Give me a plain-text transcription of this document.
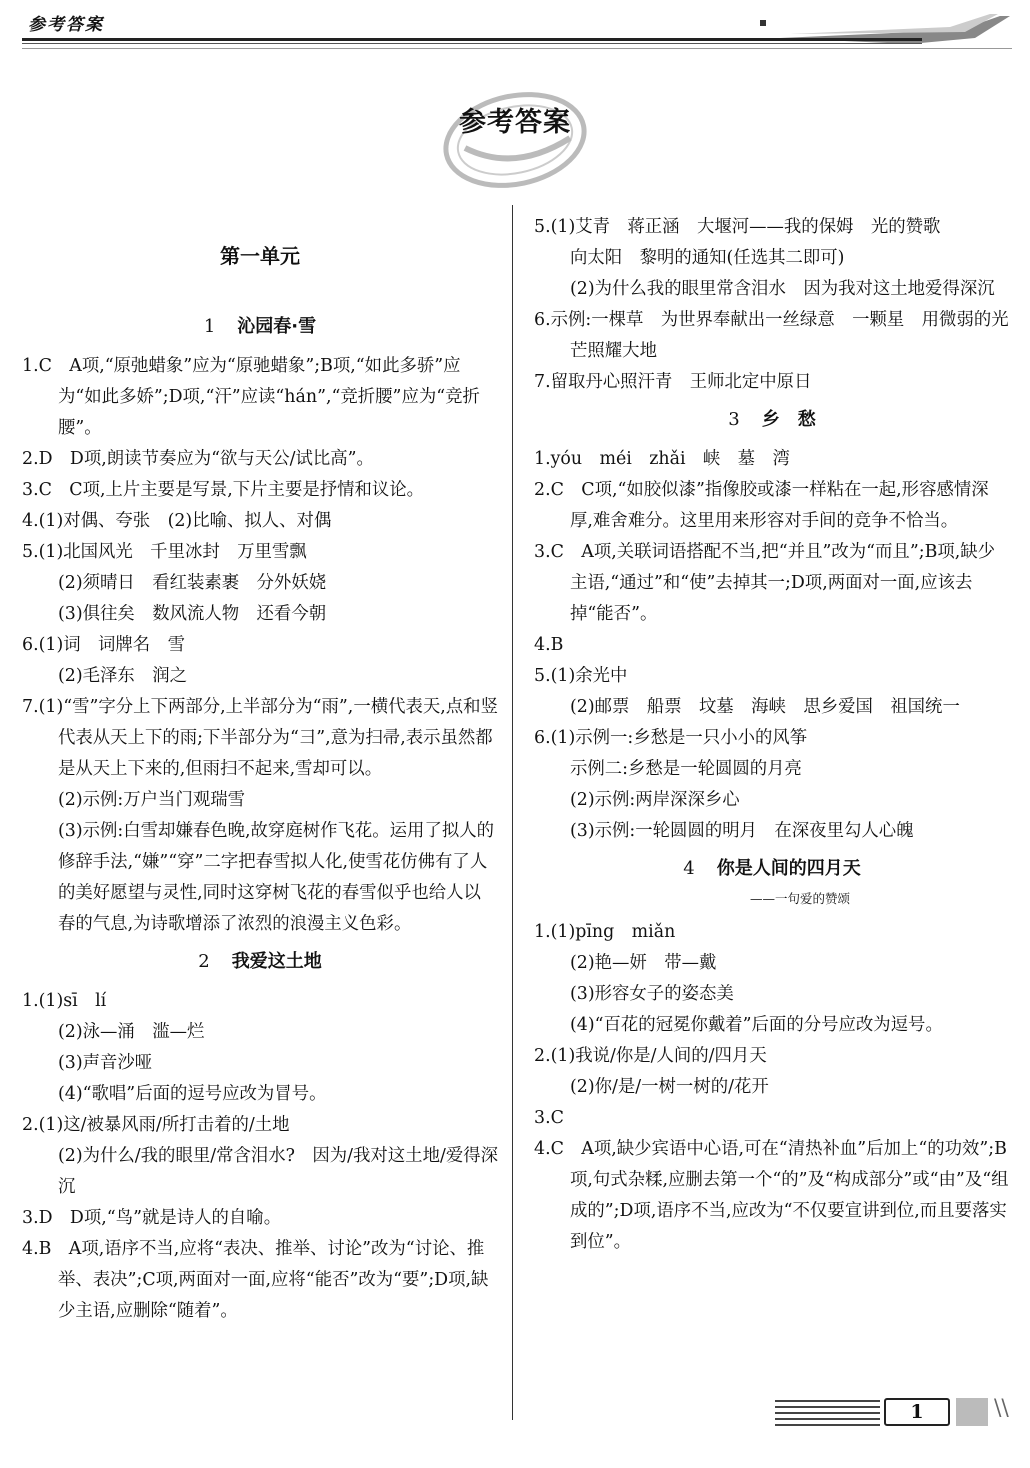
参考答案
参考答案
第一单元
1 沁园春·雪
1.C　A项,“原弛蜡象”应为“原驰蜡象”;B项,“如此多骄”应为“如此多娇”;D项,“汗”应读“hán”,“竞折腰”应为“竞折腰”。
2.D　D项,朗读节奏应为“欲与天公/试比高”。
3.C　C项,上片主要是写景,下片主要是抒情和议论。
4.(1)对偶、夸张　(2)比喻、拟人、对偶
5.(1)北国风光　千里冰封　万里雪飘
(2)须晴日　看红装素裹　分外妖娆
(3)俱往矣　数风流人物　还看今朝
6.(1)词　词牌名　雪
(2)毛泽东　润之
7.(1)“雪”字分上下两部分,上半部分为“雨”,一横代表天,点和竖代表从天上下的雨;下半部分为“彐”,意为扫帚,表示虽然都是从天上下来的,但雨扫不起来,雪却可以。
(2)示例:万户当门观瑞雪
(3)示例:白雪却嫌春色晚,故穿庭树作飞花。运用了拟人的修辞手法,“嫌”“穿”二字把春雪拟人化,使雪花仿佛有了人的美好愿望与灵性,同时这穿树飞花的春雪似乎也给人以春的气息,为诗歌增添了浓烈的浪漫主义色彩。
2 我爱这土地
1.(1)sī　lí
(2)泳—涌　滥—烂
(3)声音沙哑
(4)“歌唱”后面的逗号应改为冒号。
2.(1)这/被暴风雨/所打击着的/土地
(2)为什么/我的眼里/常含泪水?　因为/我对这土地/爱得深沉
3.D　D项,“鸟”就是诗人的自喻。
4.B　A项,语序不当,应将“表决、推举、讨论”改为“讨论、推举、表决”;C项,两面对一面,应将“能否”改为“要”;D项,缺少主语,应删除“随着”。
5.(1)艾青　蒋正涵　大堰河——我的保姆　光的赞歌
向太阳　黎明的通知(任选其二即可)
(2)为什么我的眼里常含泪水　因为我对这土地爱得深沉
6.示例:一棵草　为世界奉献出一丝绿意　一颗星　用微弱的光芒照耀大地
7.留取丹心照汗青　王师北定中原日
3 乡　愁
1.yóu　méi　zhǎi　峡　墓　湾
2.C　C项,“如胶似漆”指像胶或漆一样粘在一起,形容感情深厚,难舍难分。这里用来形容对手间的竞争不恰当。
3.C　A项,关联词语搭配不当,把“并且”改为“而且”;B项,缺少主语,“通过”和“使”去掉其一;D项,两面对一面,应该去掉“能否”。
4.B
5.(1)余光中
(2)邮票　船票　坟墓　海峡　思乡爱国　祖国统一
6.(1)示例一:乡愁是一只小小的风筝
示例二:乡愁是一轮圆圆的月亮
(2)示例:两岸深深乡心
(3)示例:一轮圆圆的明月　在深夜里勾人心魄
4 你是人间的四月天
——一句爱的赞颂
1.(1)pīng　miǎn
(2)艳—妍　带—戴
(3)形容女子的姿态美
(4)“百花的冠冕你戴着”后面的分号应改为逗号。
2.(1)我说/你是/人间的/四月天
(2)你/是/一树一树的/花开
3.C
4.C　A项,缺少宾语中心语,可在“清热补血”后加上“的功效”;B项,句式杂糅,应删去第一个“的”及“构成部分”或“由”及“组成的”;D项,语序不当,应改为“不仅要宣讲到位,而且要落实到位”。
1	\\
